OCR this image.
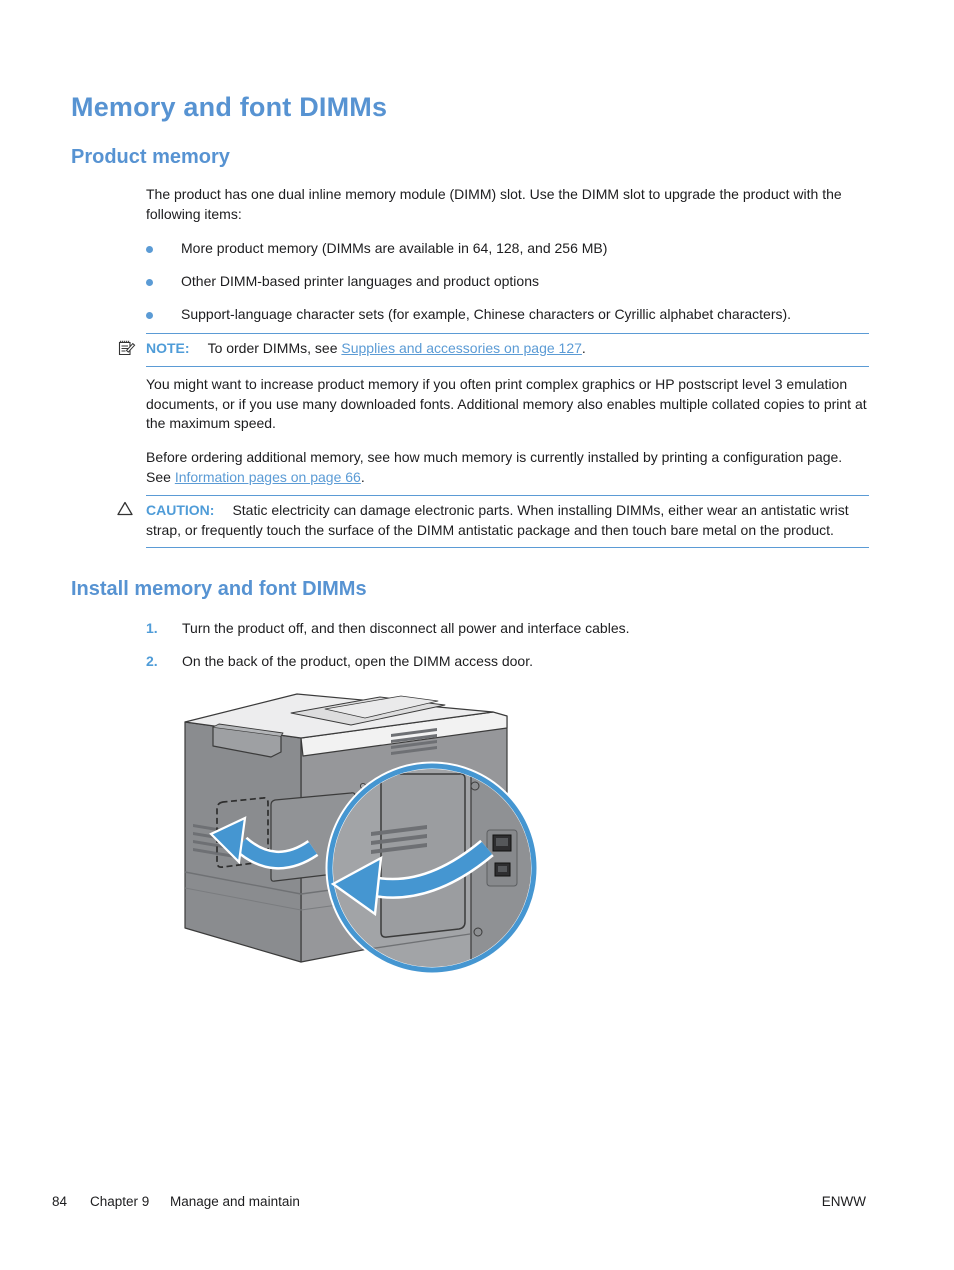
Memory and font DIMMs
Product memory

The product has one dual inline memory module (DIMM) slot. Use the DIMM slot to upgrade the product with the following items:

More product memory (DIMMs are available in 64, 128, and 256 MB)
Other DIMM-based printer languages and product options
Support-language character sets (for example, Chinese characters or Cyrillic alphabet characters).
NOTE: To order DIMMs, see Supplies and accessories on page 127.

You might want to increase product memory if you often print complex graphics or HP postscript level 3 emulation documents, or if you use many downloaded fonts. Additional memory also enables multiple collated copies to print at the maximum speed.

Before ordering additional memory, see how much memory is currently installed by printing a configuration page. See Information pages on page 66.

CAUTION: Static electricity can damage electronic parts. When installing DIMMs, either wear an antistatic wrist strap, or frequently touch the surface of the DIMM antistatic package and then touch bare metal on the product.
Install memory and font DIMMs
1. Turn the product off, and then disconnect all power and interface cables.
2. On the back of the product, open the DIMM access door.
84 Chapter 9 Manage and maintain	ENWW
